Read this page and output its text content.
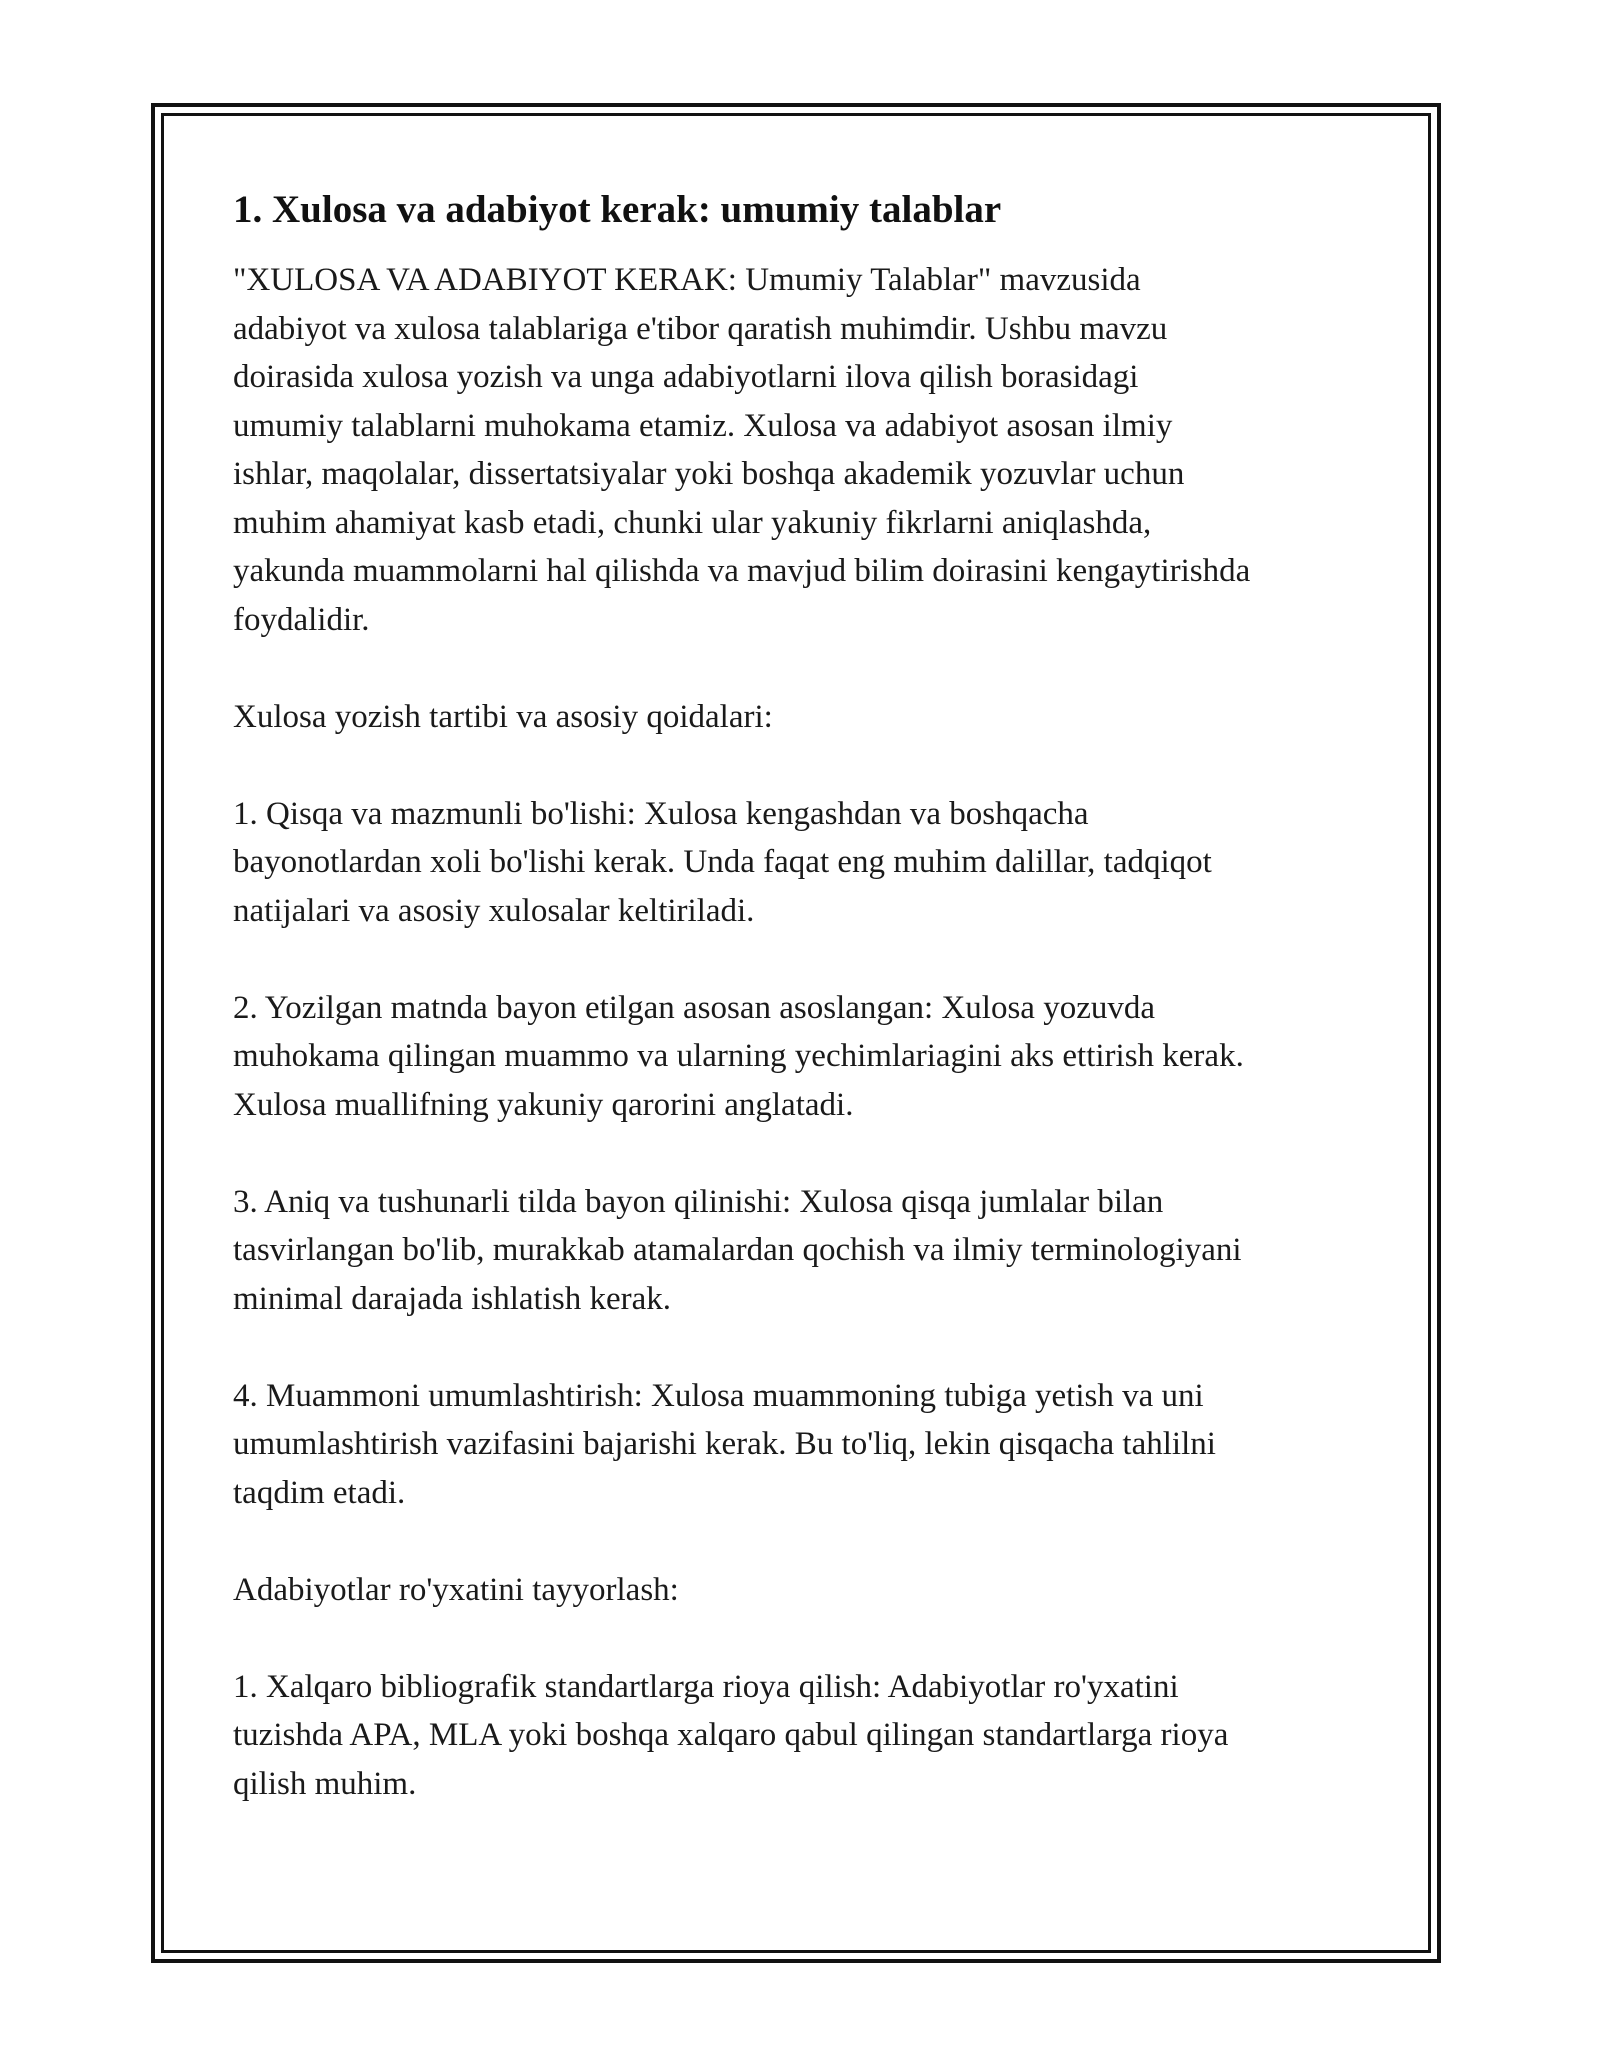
1. Xulosa va adabiyot kerak: umumiy talablar

"XULOSA VA ADABIYOT KERAK: Umumiy Talablar" mavzusida
adabiyot va xulosa talablariga e'tibor qaratish muhimdir. Ushbu mavzu
doirasida xulosa yozish va unga adabiyotlarni ilova qilish borasidagi
umumiy talablarni muhokama etamiz. Xulosa va adabiyot asosan ilmiy
ishlar, maqolalar, dissertatsiyalar yoki boshqa akademik yozuvlar uchun
muhim ahamiyat kasb etadi, chunki ular yakuniy fikrlarni aniqlashda,
yakunda muammolarni hal qilishda va mavjud bilim doirasini kengaytirishda
foydalidir.

Xulosa yozish tartibi va asosiy qoidalari:

1. Qisqa va mazmunli bo'lishi: Xulosa kengashdan va boshqacha
bayonotlardan xoli bo'lishi kerak. Unda faqat eng muhim dalillar, tadqiqot
natijalari va asosiy xulosalar keltiriladi.

2. Yozilgan matnda bayon etilgan asosan asoslangan: Xulosa yozuvda
muhokama qilingan muammo va ularning yechimlariagini aks ettirish kerak.
Xulosa muallifning yakuniy qarorini anglatadi.

3. Aniq va tushunarli tilda bayon qilinishi: Xulosa qisqa jumlalar bilan
tasvirlangan bo'lib, murakkab atamalardan qochish va ilmiy terminologiyani
minimal darajada ishlatish kerak.

4. Muammoni umumlashtirish: Xulosa muammoning tubiga yetish va uni
umumlashtirish vazifasini bajarishi kerak. Bu to'liq, lekin qisqacha tahlilni
taqdim etadi.

Adabiyotlar ro'yxatini tayyorlash:

1. Xalqaro bibliografik standartlarga rioya qilish: Adabiyotlar ro'yxatini
tuzishda APA, MLA yoki boshqa xalqaro qabul qilingan standartlarga rioya
qilish muhim.
